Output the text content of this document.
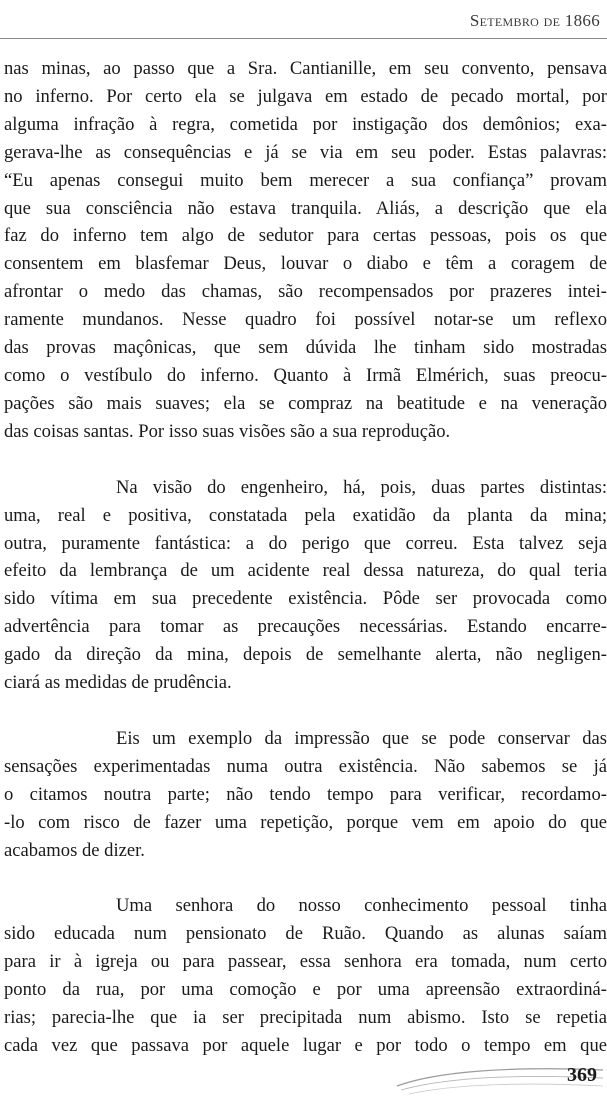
Setembro de 1866

nas minas, ao passo que a Sra. Cantianille, em seu convento, pensava
no inferno. Por certo ela se julgava em estado de pecado mortal, por
alguma infração à regra, cometida por instigação dos demônios; exa-
gerava-lhe as consequências e já se via em seu poder. Estas palavras:
“Eu apenas consegui muito bem merecer a sua confiança” provam
que sua consciência não estava tranquila. Aliás, a descrição que ela
faz do inferno tem algo de sedutor para certas pessoas, pois os que
consentem em blasfemar Deus, louvar o diabo e têm a coragem de
afrontar o medo das chamas, são recompensados por prazeres intei-
ramente mundanos. Nesse quadro foi possível notar-se um reflexo
das provas maçônicas, que sem dúvida lhe tinham sido mostradas
como o vestíbulo do inferno. Quanto à Irmã Elmérich, suas preocu-
pações são mais suaves; ela se compraz na beatitude e na veneração
das coisas santas. Por isso suas visões são a sua reprodução.

Na visão do engenheiro, há, pois, duas partes distintas:
uma, real e positiva, constatada pela exatidão da planta da mina;
outra, puramente fantástica: a do perigo que correu. Esta talvez seja
efeito da lembrança de um acidente real dessa natureza, do qual teria
sido vítima em sua precedente existência. Pôde ser provocada como
advertência para tomar as precauções necessárias. Estando encarre-
gado da direção da mina, depois de semelhante alerta, não negligen-
ciará as medidas de prudência.

Eis um exemplo da impressão que se pode conservar das
sensações experimentadas numa outra existência. Não sabemos se já
o citamos noutra parte; não tendo tempo para verificar, recordamo-
-lo com risco de fazer uma repetição, porque vem em apoio do que
acabamos de dizer.

Uma senhora do nosso conhecimento pessoal tinha
sido educada num pensionato de Ruão. Quando as alunas saíam
para ir à igreja ou para passear, essa senhora era tomada, num certo
ponto da rua, por uma comoção e por uma apreensão extraordiná-
rias; parecia-lhe que ia ser precipitada num abismo. Isto se repetia
cada vez que passava por aquele lugar e por todo o tempo em que

369
